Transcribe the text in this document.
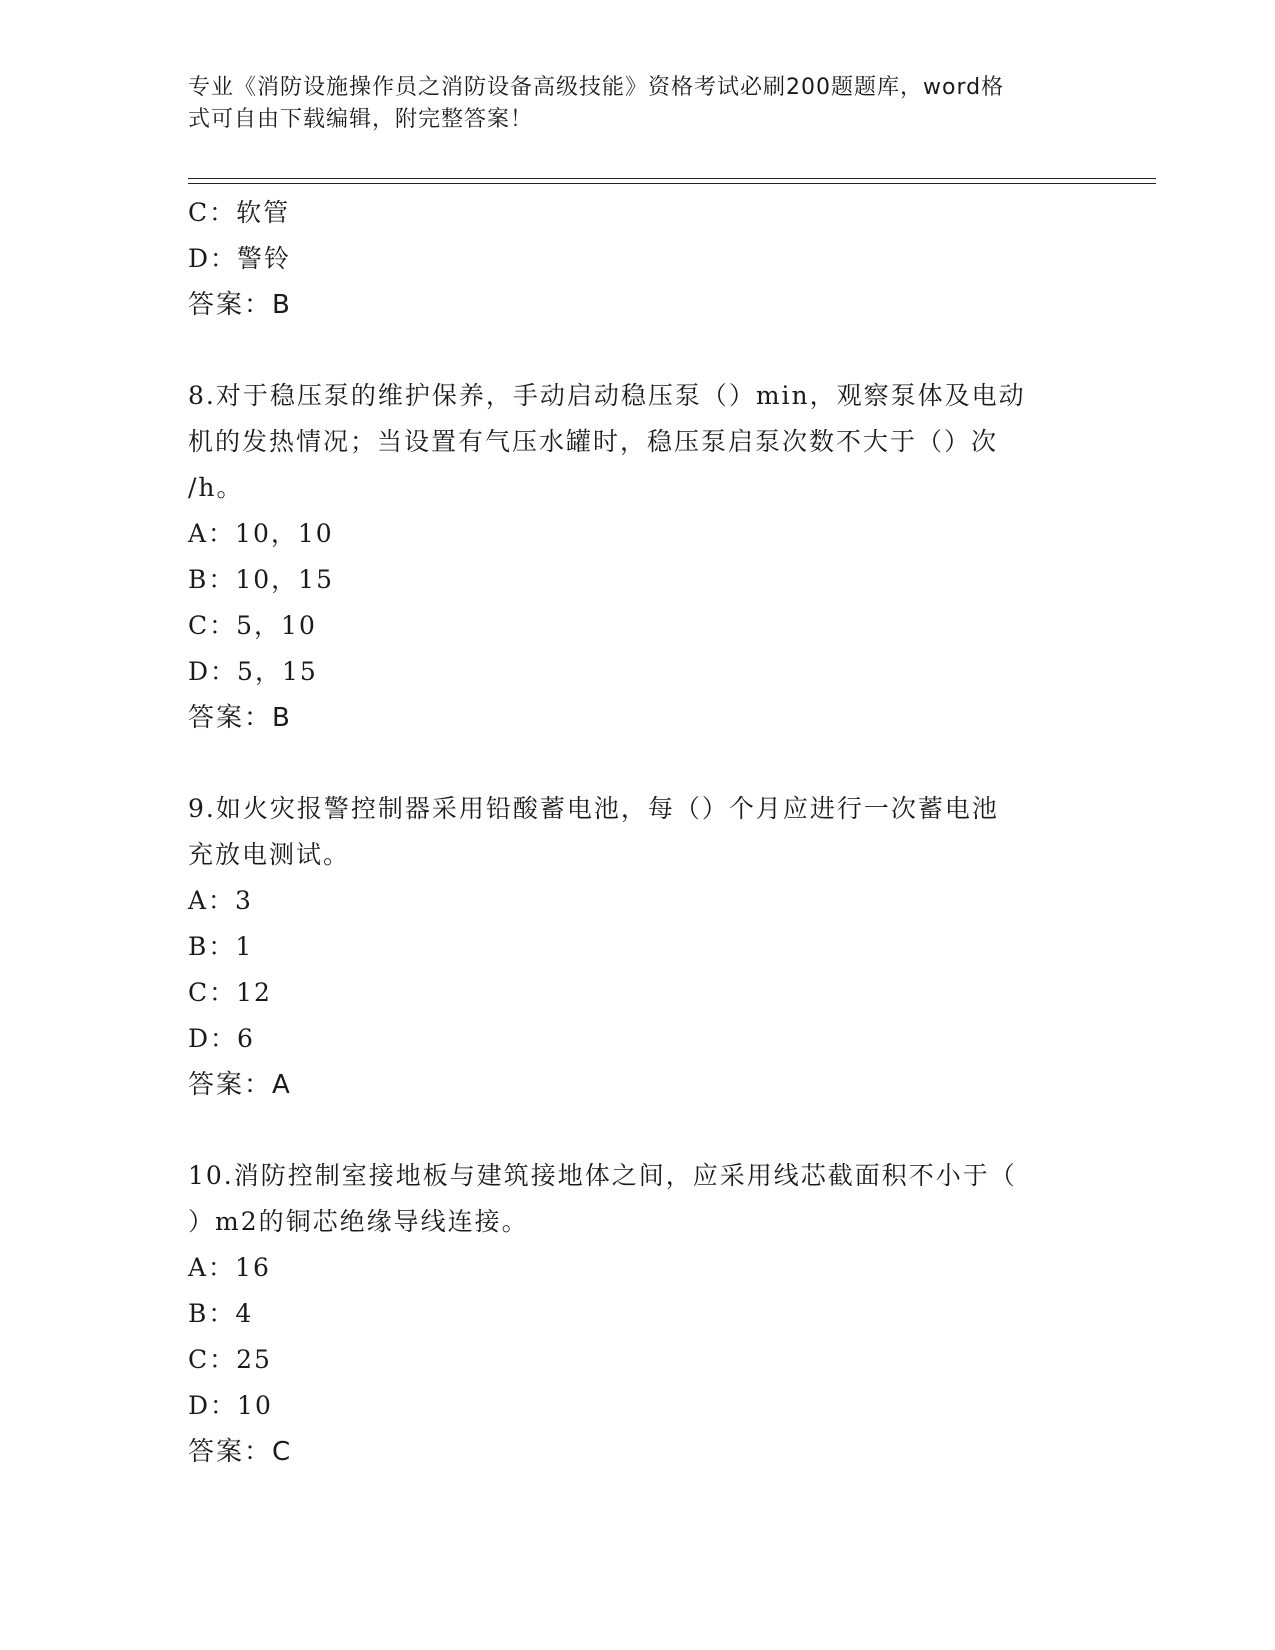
专业《消防设施操作员之消防设备高级技能》资格考试必刷200题题库，word格
式可自由下载编辑，附完整答案！
C：软管
D：警铃
答案：B
8.对于稳压泵的维护保养，手动启动稳压泵（）min，观察泵体及电动
机的发热情况；当设置有气压水罐时，稳压泵启泵次数不大于（）次
/h。
A：10，10
B：10，15
C：5，10
D：5，15
答案：B
9.如火灾报警控制器采用铅酸蓄电池，每（）个月应进行一次蓄电池
充放电测试。
A：3
B：1
C：12
D：6
答案：A
10.消防控制室接地板与建筑接地体之间，应采用线芯截面积不小于（
）m2的铜芯绝缘导线连接。
A：16
B：4
C：25
D：10
答案：C
